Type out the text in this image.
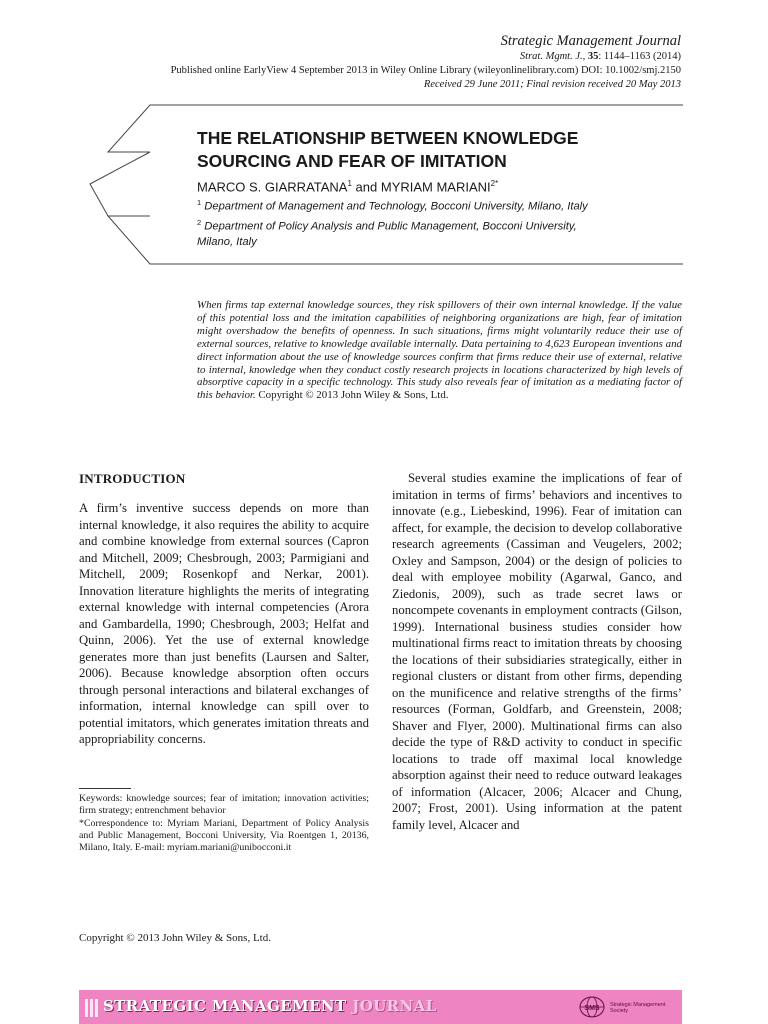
Strategic Management Journal
Strat. Mgmt. J., 35: 1144–1163 (2014)
Published online EarlyView 4 September 2013 in Wiley Online Library (wileyonlinelibrary.com) DOI: 10.1002/smj.2150
Received 29 June 2011; Final revision received 20 May 2013
THE RELATIONSHIP BETWEEN KNOWLEDGE
SOURCING AND FEAR OF IMITATION
MARCO S. GIARRATANA$^1$ and MYRIAM $MARIANI^{2*}$
$^1$ Department of Management and Technology, Bocconi University, Milano, Italy
$^2$ Department of Policy Analysis and Public Management, Bocconi University,
Milano, Italy
When firms tap external knowledge sources, they risk spillovers of their own internal knowledge. If the value of this potential loss and the imitation capabilities of neighboring organizations are high, fear of imitation might overshadow the benefits of openness. In such situations, firms might voluntarily reduce their use of external sources, relative to knowledge available internally. Data pertaining to 4,623 European inventions and direct information about the use of knowledge sources confirm that firms reduce their use of external, relative to internal, knowledge when they conduct costly research projects in locations characterized by high levels of absorptive capacity in a specific technology. This study also reveals fear of imitation as a mediating factor of this behavior. Copyright © 2013 John Wiley & Sons, Ltd.
INTRODUCTION

A firm’s inventive success depends on more than internal knowledge, it also requires the ability to acquire and combine knowledge from external sources (Capron and Mitchell, 2009; Chesbrough, 2003; Parmigiani and Mitchell, 2009; Rosenkopf and Nerkar, 2001). Innovation literature highlights the merits of integrating external knowledge with internal competencies (Arora and Gambardella, 1990; Chesbrough, 2003; Helfat and Quinn, 2006). Yet the use of external knowledge generates more than just benefits (Laursen and Salter, 2006). Because knowledge absorption often occurs through personal interactions and bilateral exchanges of information, internal knowledge can spill over to potential imitators, which generates imitation threats and appropriability concerns.

Several studies examine the implications of fear of imitation in terms of firms’ behaviors and incentives to innovate (e.g., Liebeskind, 1996). Fear of imitation can affect, for example, the decision to develop collaborative research agreements (Cassiman and Veugelers, 2002; Oxley and Sampson, 2004) or the design of policies to deal with employee mobility (Agarwal, Ganco, and Ziedonis, 2009), such as trade secret laws or noncompete covenants in employment contracts (Gilson, 1999). International business studies consider how multinational firms react to imitation threats by choosing the locations of their subsidiaries strategically, either in regional clusters or distant from other firms, depending on the munificence and relative strengths of the firms’ resources (Forman, Goldfarb, and Greenstein, 2008; Shaver and Flyer, 2000). Multinational firms can also decide the type of R&D activity to conduct in specific locations to trade off maximal local knowledge absorption against their need to reduce outward leakages of information (Alcacer, 2006; Alcacer and Chung, 2007; Frost, 2001). Using information at the patent family level, Alcacer and

Keywords: knowledge sources; fear of imitation; innovation activities; firm strategy; entrenchment behavior

*Correspondence to: Myriam Mariani, Department of Policy Analysis and Public Management, Bocconi University, Via Roentgen 1, 20136, Milano, Italy. E-mail: myriam.mariani@unibocconi.it

Copyright © 2013 John Wiley & Sons, Ltd.
STRATEGIC MANAGEMENT JOURNAL	SMS Strategic Management Society
